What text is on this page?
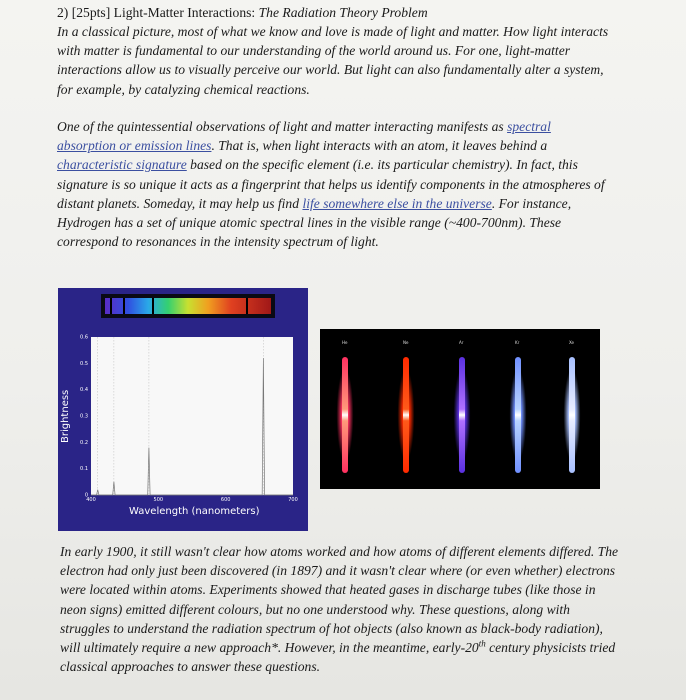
2) [25pts] Light-Matter Interactions: The Radiation Theory Problem

In a classical picture, most of what we know and love is made of light and matter. How light interacts with matter is fundamental to our understanding of the world around us. For one, light-matter interactions allow us to visually perceive our world. But light can also fundamentally alter a system, for example, by catalyzing chemical reactions.

One of the quintessential observations of light and matter interacting manifests as spectral absorption or emission lines. That is, when light interacts with an atom, it leaves behind a characteristic signature based on the specific element (i.e. its particular chemistry). In fact, this signature is so unique it acts as a fingerprint that helps us identify components in the atmospheres of distant planets. Someday, it may help us find life somewhere else in the universe. For instance, Hydrogen has a set of unique atomic spectral lines in the visible range (~400-700nm). These correspond to resonances in the intensity spectrum of light.

0
0.1
0.2
0.3
0.4
0.5
0.6
400	500	600	700
Brightness
Wavelength (nanometers)
He	Ne	Ar	Kr	Xe

In early 1900, it still wasn't clear how atoms worked and how atoms of different elements differed. The electron had only just been discovered (in 1897) and it wasn't clear where (or even whether) electrons were located within atoms. Experiments showed that heated gases in discharge tubes (like those in neon signs) emitted different colours, but no one understood why. These questions, along with struggles to understand the radiation spectrum of hot objects (also known as black-body radiation), will ultimately require a new approach*. However, in the meantime, early-20th century physicists tried classical approaches to answer these questions.
